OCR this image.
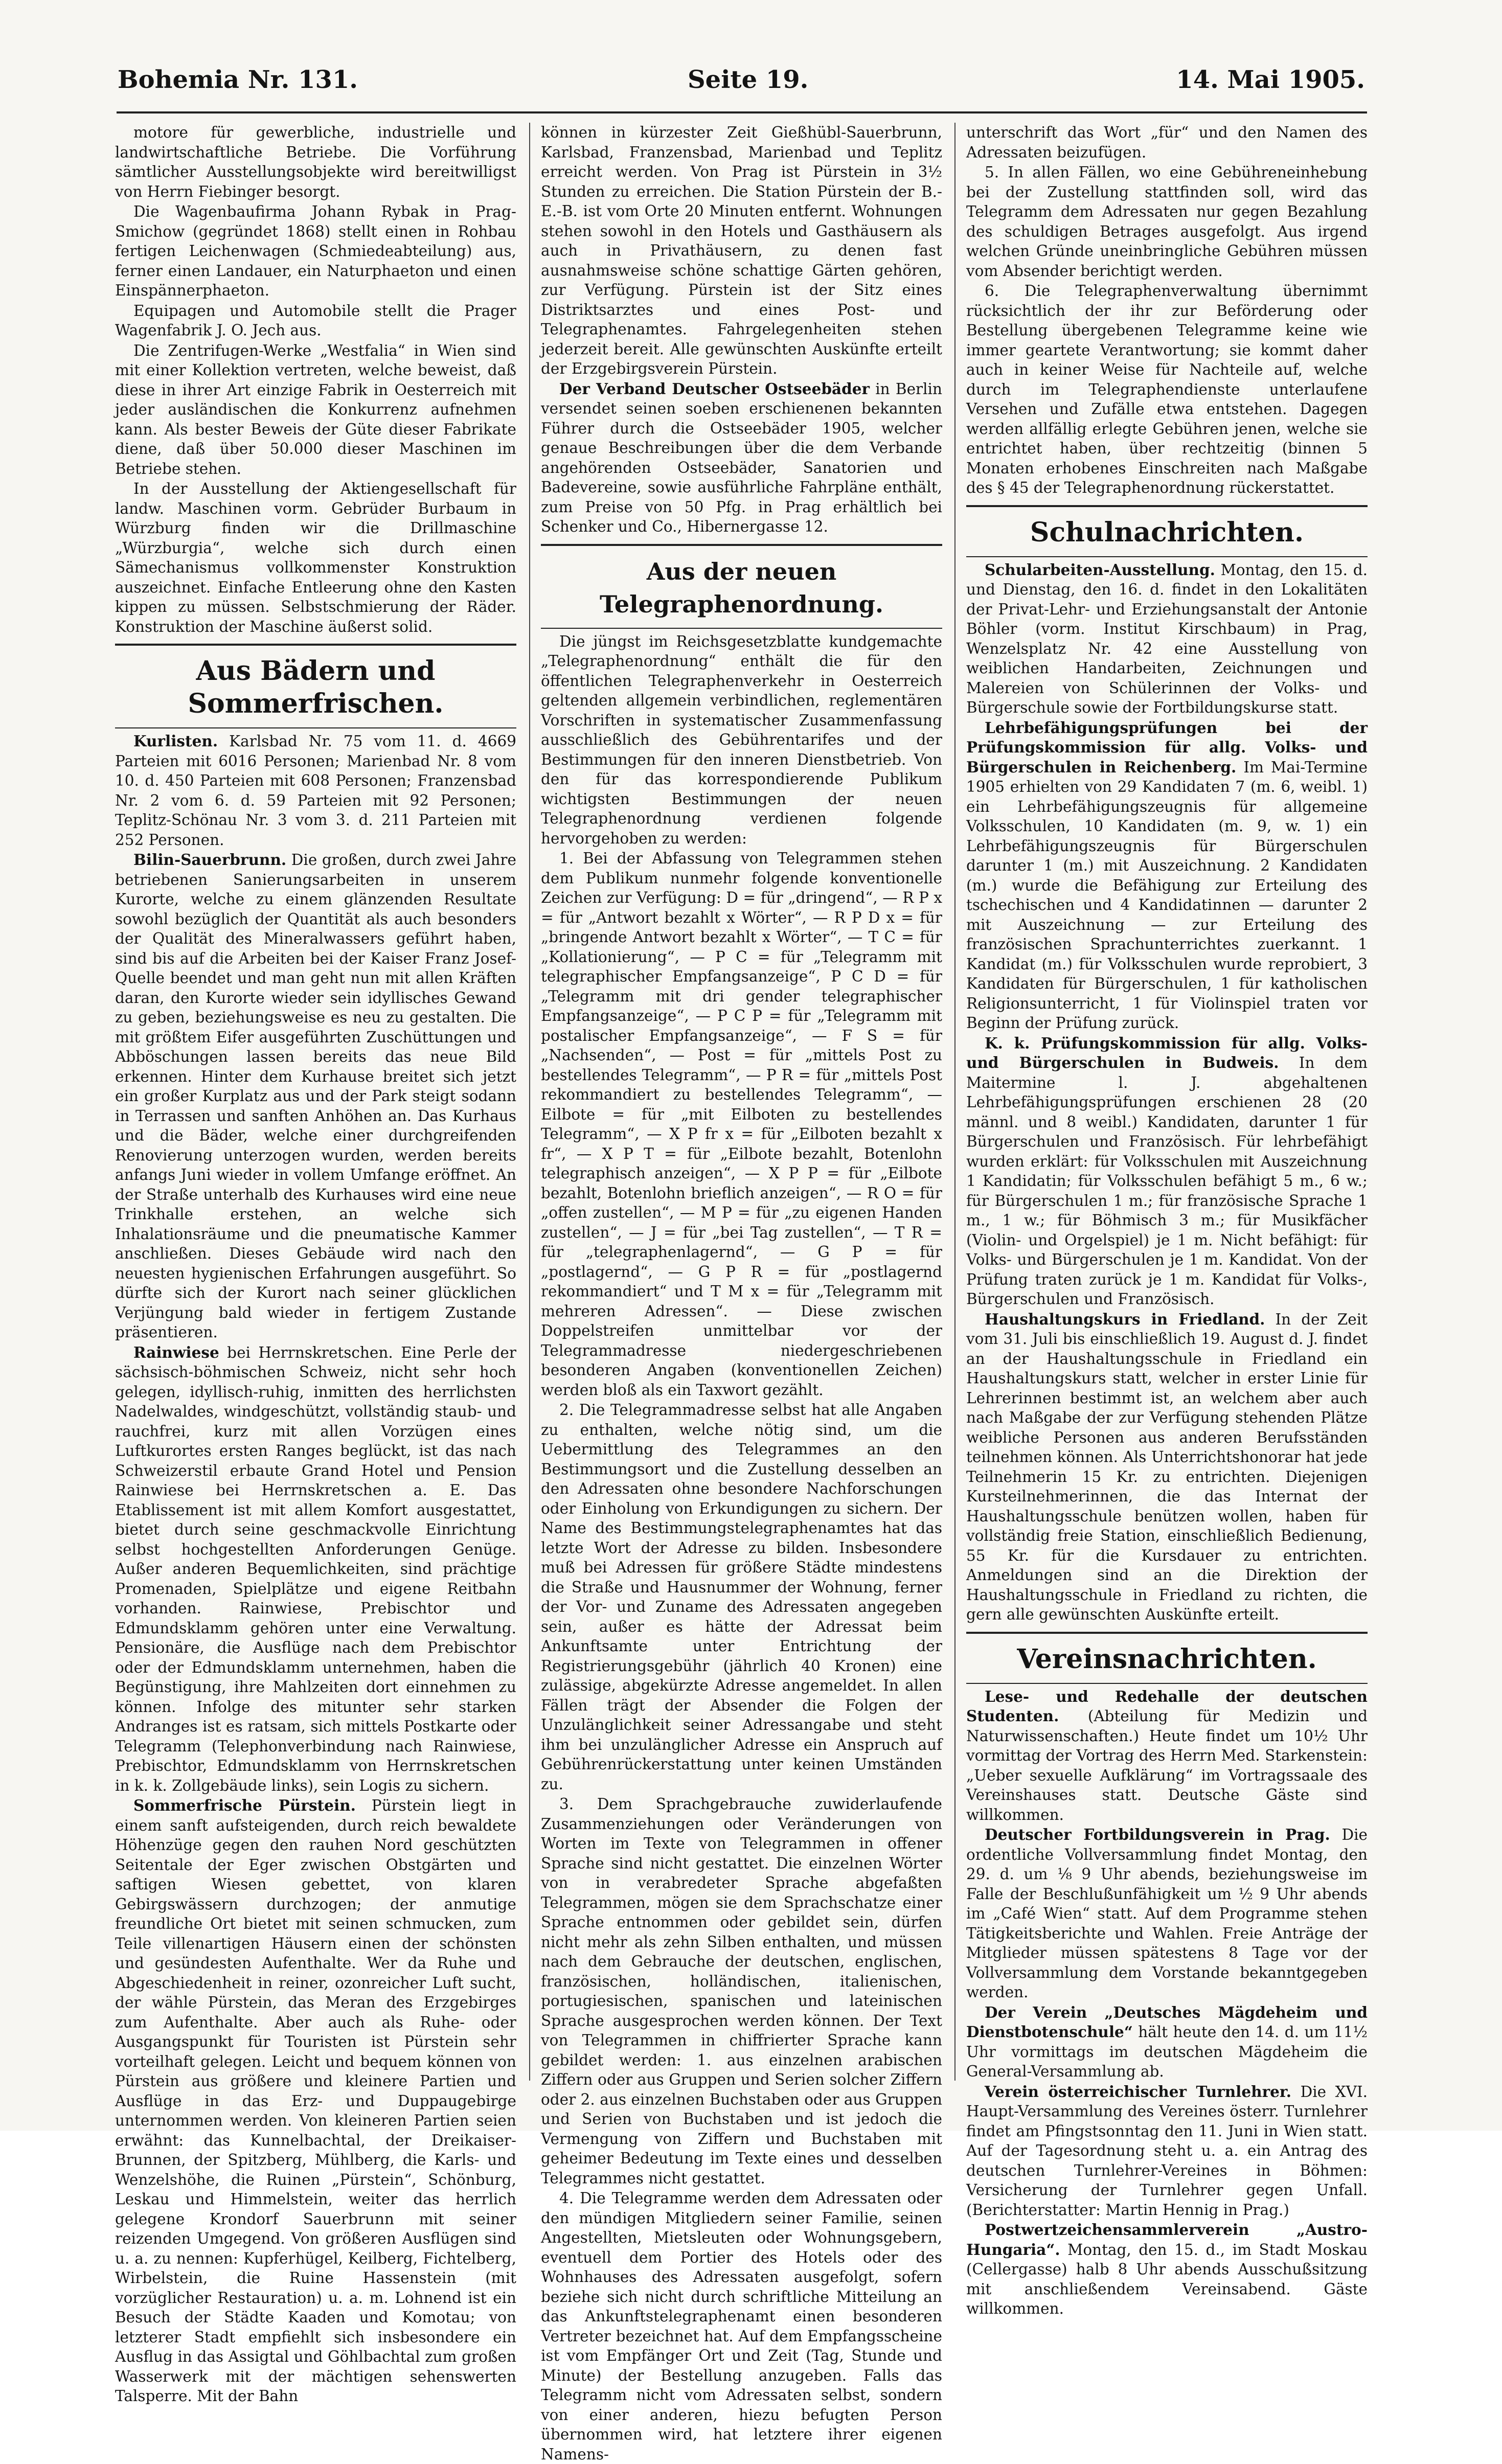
Bohemia Nr. 131.	Seite 19.	14. Mai 1905.

motore für gewerbliche, industrielle und landwirtschaftliche Betriebe. Die Vorführung sämtlicher Ausstellungsobjekte wird bereitwilligst von Herrn Fiebinger besorgt.

Die Wagenbaufirma Johann Rybak in Prag-Smichow (gegründet 1868) stellt einen in Rohbau fertigen Leichenwagen (Schmiedeabteilung) aus, ferner einen Landauer, ein Naturphaeton und einen Einspännerphaeton.

Equipagen und Automobile stellt die Prager Wagenfabrik J. O. Jech aus.

Die Zentrifugen-Werke „Westfalia“ in Wien sind mit einer Kollektion vertreten, welche beweist, daß diese in ihrer Art einzige Fabrik in Oesterreich mit jeder ausländischen die Konkurrenz aufnehmen kann. Als bester Beweis der Güte dieser Fabrikate diene, daß über 50.000 dieser Maschinen im Betriebe stehen.

In der Ausstellung der Aktiengesellschaft für landw. Maschinen vorm. Gebrüder Burbaum in Würzburg finden wir die Drillmaschine „Würzburgia“, welche sich durch einen Sämechanismus vollkommenster Konstruktion auszeichnet. Einfache Entleerung ohne den Kasten kippen zu müssen. Selbstschmierung der Räder. Konstruktion der Maschine äußerst solid.

Aus Bädern und Sommerfrischen.

Kurlisten. Karlsbad Nr. 75 vom 11. d. 4669 Parteien mit 6016 Personen; Marienbad Nr. 8 vom 10. d. 450 Parteien mit 608 Personen; Franzensbad Nr. 2 vom 6. d. 59 Parteien mit 92 Personen; Teplitz-Schönau Nr. 3 vom 3. d. 211 Parteien mit 252 Personen.

Bilin-Sauerbrunn. Die großen, durch zwei Jahre betriebenen Sanierungsarbeiten in unserem Kurorte, welche zu einem glänzenden Resultate sowohl bezüglich der Quantität als auch besonders der Qualität des Mineralwassers geführt haben, sind bis auf die Arbeiten bei der Kaiser Franz Josef-Quelle beendet und man geht nun mit allen Kräften daran, den Kurorte wieder sein idyllisches Gewand zu geben, beziehungsweise es neu zu gestalten. Die mit größtem Eifer ausgeführten Zuschüttungen und Abböschungen lassen bereits das neue Bild erkennen. Hinter dem Kurhause breitet sich jetzt ein großer Kurplatz aus und der Park steigt sodann in Terrassen und sanften Anhöhen an. Das Kurhaus und die Bäder, welche einer durchgreifenden Renovierung unterzogen wurden, werden bereits anfangs Juni wieder in vollem Umfange eröffnet. An der Straße unterhalb des Kurhauses wird eine neue Trinkhalle erstehen, an welche sich Inhalationsräume und die pneumatische Kammer anschließen. Dieses Gebäude wird nach den neuesten hygienischen Erfahrungen ausgeführt. So dürfte sich der Kurort nach seiner glücklichen Verjüngung bald wieder in fertigem Zustande präsentieren.

Rainwiese bei Herrnskretschen. Eine Perle der sächsisch-böhmischen Schweiz, nicht sehr hoch gelegen, idyllisch-ruhig, inmitten des herrlichsten Nadelwaldes, windgeschützt, vollständig staub- und rauchfrei, kurz mit allen Vorzügen eines Luftkurortes ersten Ranges beglückt, ist das nach Schweizerstil erbaute Grand Hotel und Pension Rainwiese bei Herrnskretschen a. E. Das Etablissement ist mit allem Komfort ausgestattet, bietet durch seine geschmackvolle Einrichtung selbst hochgestellten Anforderungen Genüge. Außer anderen Bequemlichkeiten, sind prächtige Promenaden, Spielplätze und eigene Reitbahn vorhanden. Rainwiese, Prebischtor und Edmundsklamm gehören unter eine Verwaltung. Pensionäre, die Ausflüge nach dem Prebischtor oder der Edmundsklamm unternehmen, haben die Begünstigung, ihre Mahlzeiten dort einnehmen zu können. Infolge des mitunter sehr starken Andranges ist es ratsam, sich mittels Postkarte oder Telegramm (Telephonverbindung nach Rainwiese, Prebischtor, Edmundsklamm von Herrnskretschen in k. k. Zollgebäude links), sein Logis zu sichern.

Sommerfrische Pürstein. Pürstein liegt in einem sanft aufsteigenden, durch reich bewaldete Höhenzüge gegen den rauhen Nord geschützten Seitentale der Eger zwischen Obstgärten und saftigen Wiesen gebettet, von klaren Gebirgswässern durchzogen; der anmutige freundliche Ort bietet mit seinen schmucken, zum Teile villenartigen Häusern einen der schönsten und gesündesten Aufenthalte. Wer da Ruhe und Abgeschiedenheit in reiner, ozonreicher Luft sucht, der wähle Pürstein, das Meran des Erzgebirges zum Aufenthalte. Aber auch als Ruhe- oder Ausgangspunkt für Touristen ist Pürstein sehr vorteilhaft gelegen. Leicht und bequem können von Pürstein aus größere und kleinere Partien und Ausflüge in das Erz- und Duppaugebirge unternommen werden. Von kleineren Partien seien erwähnt: das Kunnelbachtal, der Dreikaiser-Brunnen, der Spitzberg, Mühlberg, die Karls- und Wenzelshöhe, die Ruinen „Pürstein“, Schönburg, Leskau und Himmelstein, weiter das herrlich gelegene Krondorf Sauerbrunn mit seiner reizenden Umgegend. Von größeren Ausflügen sind u. a. zu nennen: Kupferhügel, Keilberg, Fichtelberg, Wirbelstein, die Ruine Hassenstein (mit vorzüglicher Restauration) u. a. m. Lohnend ist ein Besuch der Städte Kaaden und Komotau; von letzterer Stadt empfiehlt sich insbesondere ein Ausflug in das Assigtal und Göhlbachtal zum großen Wasserwerk mit der mächtigen sehenswerten Talsperre. Mit der Bahn

können in kürzester Zeit Gießhübl-Sauerbrunn, Karlsbad, Franzensbad, Marienbad und Teplitz erreicht werden. Von Prag ist Pürstein in 3½ Stunden zu erreichen. Die Station Pürstein der B.-E.-B. ist vom Orte 20 Minuten entfernt. Wohnungen stehen sowohl in den Hotels und Gasthäusern als auch in Privathäusern, zu denen fast ausnahmsweise schöne schattige Gärten gehören, zur Verfügung. Pürstein ist der Sitz eines Distriktsarztes und eines Post- und Telegraphenamtes. Fahrgelegenheiten stehen jederzeit bereit. Alle gewünschten Auskünfte erteilt der Erzgebirgsverein Pürstein.

Der Verband Deutscher Ostseebäder in Berlin versendet seinen soeben erschienenen bekannten Führer durch die Ostseebäder 1905, welcher genaue Beschreibungen über die dem Verbande angehörenden Ostseebäder, Sanatorien und Badevereine, sowie ausführliche Fahrpläne enthält, zum Preise von 50 Pfg. in Prag erhältlich bei Schenker und Co., Hibernergasse 12.

Aus der neuen Telegraphenordnung.

Die jüngst im Reichsgesetzblatte kundgemachte „Telegraphenordnung“ enthält die für den öffentlichen Telegraphenverkehr in Oesterreich geltenden allgemein verbindlichen, reglementären Vorschriften in systematischer Zusammenfassung ausschließlich des Gebührentarifes und der Bestimmungen für den inneren Dienstbetrieb. Von den für das korrespondierende Publikum wichtigsten Bestimmungen der neuen Telegraphenordnung verdienen folgende hervorgehoben zu werden:

1. Bei der Abfassung von Telegrammen stehen dem Publikum nunmehr folgende konventionelle Zeichen zur Verfügung: D = für „dringend“, — R P x = für „Antwort bezahlt x Wörter“, — R P D x = für „bringende Antwort bezahlt x Wörter“, — T C = für „Kollationierung“, — P C = für „Telegramm mit telegraphischer Empfangsanzeige“, P C D = für „Telegramm mit dri gender telegraphischer Empfangsanzeige“, — P C P = für „Telegramm mit postalischer Empfangsanzeige“, — F S = für „Nachsenden“, — Post = für „mittels Post zu bestellendes Telegramm“, — P R = für „mittels Post rekommandiert zu bestellendes Telegramm“, — Eilbote = für „mit Eilboten zu bestellendes Telegramm“, — X P fr x = für „Eilboten bezahlt x fr“, — X P T = für „Eilbote bezahlt, Botenlohn telegraphisch anzeigen“, — X P P = für „Eilbote bezahlt, Botenlohn brieflich anzeigen“, — R O = für „offen zustellen“, — M P = für „zu eigenen Handen zustellen“, — J = für „bei Tag zustellen“, — T R = für „telegraphenlagernd“, — G P = für „postlagernd“, — G P R = für „postlagernd rekommandiert“ und T M x = für „Telegramm mit mehreren Adressen“. — Diese zwischen Doppelstreifen unmittelbar vor der Telegrammadresse niedergeschriebenen besonderen Angaben (konventionellen Zeichen) werden bloß als ein Taxwort gezählt.

2. Die Telegrammadresse selbst hat alle Angaben zu enthalten, welche nötig sind, um die Uebermittlung des Telegrammes an den Bestimmungsort und die Zustellung desselben an den Adressaten ohne besondere Nachforschungen oder Einholung von Erkundigungen zu sichern. Der Name des Bestimmungstelegraphenamtes hat das letzte Wort der Adresse zu bilden. Insbesondere muß bei Adressen für größere Städte mindestens die Straße und Hausnummer der Wohnung, ferner der Vor- und Zuname des Adressaten angegeben sein, außer es hätte der Adressat beim Ankunftsamte unter Entrichtung der Registrierungsgebühr (jährlich 40 Kronen) eine zulässige, abgekürzte Adresse angemeldet. In allen Fällen trägt der Absender die Folgen der Unzulänglichkeit seiner Adressangabe und steht ihm bei unzulänglicher Adresse ein Anspruch auf Gebührenrückerstattung unter keinen Umständen zu.

3. Dem Sprachgebrauche zuwiderlaufende Zusammenziehungen oder Veränderungen von Worten im Texte von Telegrammen in offener Sprache sind nicht gestattet. Die einzelnen Wörter von in verabredeter Sprache abgefaßten Telegrammen, mögen sie dem Sprachschatze einer Sprache entnommen oder gebildet sein, dürfen nicht mehr als zehn Silben enthalten, und müssen nach dem Gebrauche der deutschen, englischen, französischen, holländischen, italienischen, portugiesischen, spanischen und lateinischen Sprache ausgesprochen werden können. Der Text von Telegrammen in chiffrierter Sprache kann gebildet werden: 1. aus einzelnen arabischen Ziffern oder aus Gruppen und Serien solcher Ziffern oder 2. aus einzelnen Buchstaben oder aus Gruppen und Serien von Buchstaben und ist jedoch die Vermengung von Ziffern und Buchstaben mit geheimer Bedeutung im Texte eines und desselben Telegrammes nicht gestattet.

4. Die Telegramme werden dem Adressaten oder den mündigen Mitgliedern seiner Familie, seinen Angestellten, Mietsleuten oder Wohnungsgebern, eventuell dem Portier des Hotels oder des Wohnhauses des Adressaten ausgefolgt, sofern beziehe sich nicht durch schriftliche Mitteilung an das Ankunftstelegraphenamt einen besonderen Vertreter bezeichnet hat. Auf dem Empfangsscheine ist vom Empfänger Ort und Zeit (Tag, Stunde und Minute) der Bestellung anzugeben. Falls das Telegramm nicht vom Adressaten selbst, sondern von einer anderen, hiezu befugten Person übernommen wird, hat letztere ihrer eigenen Namens-

unterschrift das Wort „für“ und den Namen des Adressaten beizufügen.

5. In allen Fällen, wo eine Gebühreneinhebung bei der Zustellung stattfinden soll, wird das Telegramm dem Adressaten nur gegen Bezahlung des schuldigen Betrages ausgefolgt. Aus irgend welchen Gründe uneinbringliche Gebühren müssen vom Absender berichtigt werden.

6. Die Telegraphenverwaltung übernimmt rücksichtlich der ihr zur Beförderung oder Bestellung übergebenen Telegramme keine wie immer geartete Verantwortung; sie kommt daher auch in keiner Weise für Nachteile auf, welche durch im Telegraphendienste unterlaufene Versehen und Zufälle etwa entstehen. Dagegen werden allfällig erlegte Gebühren jenen, welche sie entrichtet haben, über rechtzeitig (binnen 5 Monaten erhobenes Einschreiten nach Maßgabe des § 45 der Telegraphenordnung rückerstattet.

Schulnachrichten.

Schularbeiten-Ausstellung. Montag, den 15. d. und Dienstag, den 16. d. findet in den Lokalitäten der Privat-Lehr- und Erziehungsanstalt der Antonie Böhler (vorm. Institut Kirschbaum) in Prag, Wenzelsplatz Nr. 42 eine Ausstellung von weiblichen Handarbeiten, Zeichnungen und Malereien von Schülerinnen der Volks- und Bürgerschule sowie der Fortbildungskurse statt.

Lehrbefähigungsprüfungen bei der Prüfungskommission für allg. Volks- und Bürgerschulen in Reichenberg. Im Mai-Termine 1905 erhielten von 29 Kandidaten 7 (m. 6, weibl. 1) ein Lehrbefähigungszeugnis für allgemeine Volksschulen, 10 Kandidaten (m. 9, w. 1) ein Lehrbefähigungszeugnis für Bürgerschulen darunter 1 (m.) mit Auszeichnung. 2 Kandidaten (m.) wurde die Befähigung zur Erteilung des tschechischen und 4 Kandidatinnen — darunter 2 mit Auszeichnung — zur Erteilung des französischen Sprachunterrichtes zuerkannt. 1 Kandidat (m.) für Volksschulen wurde reprobiert, 3 Kandidaten für Bürgerschulen, 1 für katholischen Religionsunterricht, 1 für Violinspiel traten vor Beginn der Prüfung zurück.

K. k. Prüfungskommission für allg. Volks- und Bürgerschulen in Budweis. In dem Maitermine l. J. abgehaltenen Lehrbefähigungsprüfungen erschienen 28 (20 männl. und 8 weibl.) Kandidaten, darunter 1 für Bürgerschulen und Französisch. Für lehrbefähigt wurden erklärt: für Volksschulen mit Auszeichnung 1 Kandidatin; für Volksschulen befähigt 5 m., 6 w.; für Bürgerschulen 1 m.; für französische Sprache 1 m., 1 w.; für Böhmisch 3 m.; für Musikfächer (Violin- und Orgelspiel) je 1 m. Nicht befähigt: für Volks- und Bürgerschulen je 1 m. Kandidat. Von der Prüfung traten zurück je 1 m. Kandidat für Volks-, Bürgerschulen und Französisch.

Haushaltungskurs in Friedland. In der Zeit vom 31. Juli bis einschließlich 19. August d. J. findet an der Haushaltungsschule in Friedland ein Haushaltungskurs statt, welcher in erster Linie für Lehrerinnen bestimmt ist, an welchem aber auch nach Maßgabe der zur Verfügung stehenden Plätze weibliche Personen aus anderen Berufsständen teilnehmen können. Als Unterrichtshonorar hat jede Teilnehmerin 15 Kr. zu entrichten. Diejenigen Kursteilnehmerinnen, die das Internat der Haushaltungsschule benützen wollen, haben für vollständig freie Station, einschließlich Bedienung, 55 Kr. für die Kursdauer zu entrichten. Anmeldungen sind an die Direktion der Haushaltungsschule in Friedland zu richten, die gern alle gewünschten Auskünfte erteilt.

Vereinsnachrichten.

Lese- und Redehalle der deutschen Studenten. (Abteilung für Medizin und Naturwissenschaften.) Heute findet um 10½ Uhr vormittag der Vortrag des Herrn Med. Starkenstein: „Ueber sexuelle Aufklärung“ im Vortragssaale des Vereinshauses statt. Deutsche Gäste sind willkommen.

Deutscher Fortbildungsverein in Prag. Die ordentliche Vollversammlung findet Montag, den 29. d. um ⅛ 9 Uhr abends, beziehungsweise im Falle der Beschlußunfähigkeit um ½ 9 Uhr abends im „Café Wien“ statt. Auf dem Programme stehen Tätigkeitsberichte und Wahlen. Freie Anträge der Mitglieder müssen spätestens 8 Tage vor der Vollversammlung dem Vorstande bekanntgegeben werden.

Der Verein „Deutsches Mägdeheim und Dienstbotenschule“ hält heute den 14. d. um 11½ Uhr vormittags im deutschen Mägdeheim die General-Versammlung ab.

Verein österreichischer Turnlehrer. Die XVI. Haupt-Versammlung des Vereines österr. Turnlehrer findet am Pfingstsonntag den 11. Juni in Wien statt. Auf der Tagesordnung steht u. a. ein Antrag des deutschen Turnlehrer-Vereines in Böhmen: Versicherung der Turnlehrer gegen Unfall. (Berichterstatter: Martin Hennig in Prag.)

Postwertzeichensammlerverein „Austro-Hungaria“. Montag, den 15. d., im Stadt Moskau (Cellergasse) halb 8 Uhr abends Ausschußsitzung mit anschließendem Vereinsabend. Gäste willkommen.
